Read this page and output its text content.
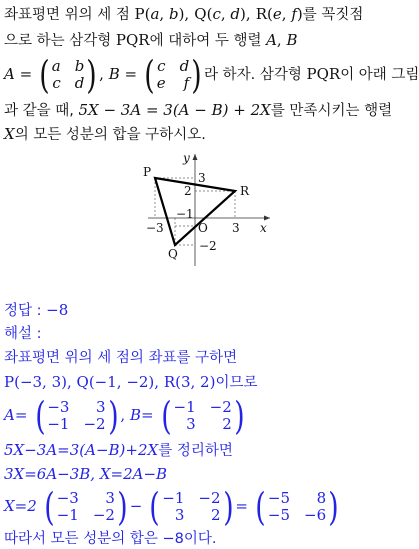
좌표평면 위의 세 점 P(a, b), Q(c, d), R(e, f)를 꼭짓점
으로 하는 삼각형 PQR에 대하여 두 행렬 A, B
A = ( a b
c d ) , B = ( c d
e f ) 라 하자. 삼각형 PQR이 아래 그림
과 같을 때, 5X − 3A = 3(A − B) + 2X를 만족시키는 행렬
X의 모든 성분의 합을 구하시오.
P
Q
R
O	x
y
3
2
−1
−2
−3	3
정답 : −8
해설 :
좌표평면 위의 세 점의 좌표를 구하면
P(−3, 3), Q(−1, −2), R(3, 2)이므로
A= ( −3	3
−1 −2 ) , B= ( −1 −2
3	2 )
5X−3A=3(A−B)+2X를 정리하면
3X=6A−3B, X=2A−B
X=2 ( −3	3
−1 −2 ) − ( −1 −2
3	2 ) = ( −5	8
−5 −6 )
따라서 모든 성분의 합은 −8이다.
